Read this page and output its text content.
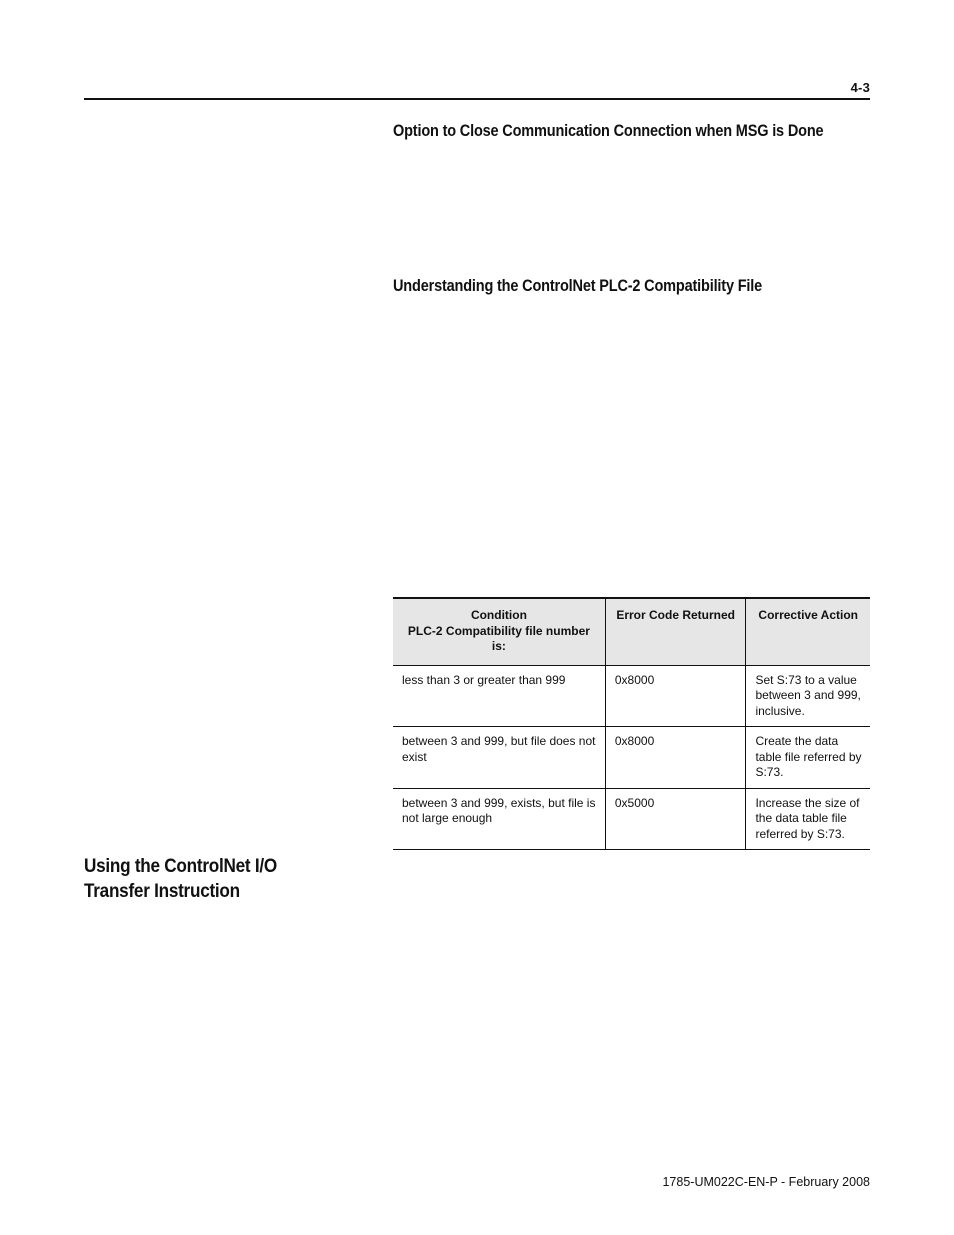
4-3
Option to Close Communication Connection when MSG is Done
Understanding the ControlNet PLC-2 Compatibility File
Condition
PLC-2 Compatibility file number is:	Error Code Returned	Corrective Action
less than 3 or greater than 999	0x8000	Set S:73 to a value between 3 and 999, inclusive.
between 3 and 999, but file does not exist	0x8000	Create the data table file referred by S:73.
between 3 and 999, exists, but file is not large enough	0x5000	Increase the size of the data table file referred by S:73.
Using the ControlNet I/O
Transfer Instruction
1785-UM022C-EN-P - February 2008
